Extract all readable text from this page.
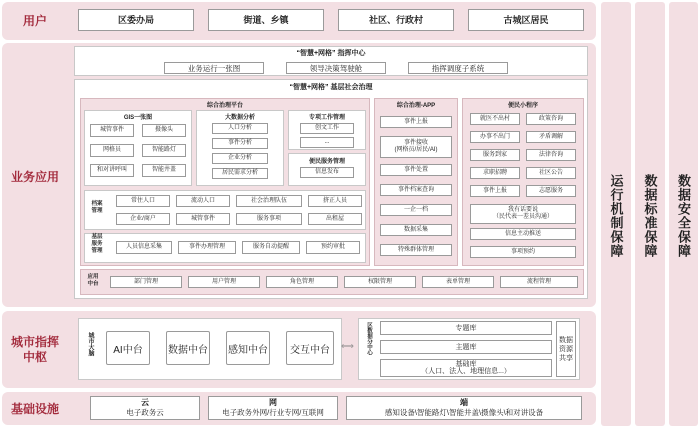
用户
业务应用
城市指挥
中枢
基础设施
区委办局	街道、乡镇	社区、行政村	古城区居民
“智慧+网格” 指挥中心
业务运行一张图	领导决策驾驶舱	指挥调度子系统
“智慧+网格” 基层社会治理
综合治理平台
GIS一张图
城管事件	摄像头
网格员	智能路灯
和对讲呼叫	智能井盖
大数据分析
人口分析
事件分析
企业分析
居民需求分析
专项工作管理
创文工作
...
便民服务管理
信息发布
档案
管理
常住人口	流动人口	社会治理队伍	挤正人员
企业/商户	城管事件	服务事项	出租屋
基层
服务
管理
人员信息采集	事件办理管理	服务自动提醒	预约审批
综合治理-APP
事件上报
事件接收
(网格员/居民/AI)
事件处置
事件档案查询
一企一档
数据采集
特殊群体管理
便民小程序
就医不出村	政策咨询
办事不出门	矛盾调解
服务到家	法律咨询
求职招聘	社区公告
事件上报	志愿服务
我有话要说
（民代表一差员沟通）
信息主动推送
事项预约
应用
中台	部门管理	用户管理	角色管理	权限管理	表单管理	流程管理
城市大脑	AI中台	数据中台 感知中台	交互中台	⟺ 区数据分中心	专题库
主题库
基础库
（人口、法人、地理信息...）
数据
资源
共享
云
电子政务云
网
电子政务外网/行业专网/互联网
端
感知设备\智能路灯\智能井盖\摄像头\和对讲设备
运行机制保障 数据标准保障 数据安全保障
